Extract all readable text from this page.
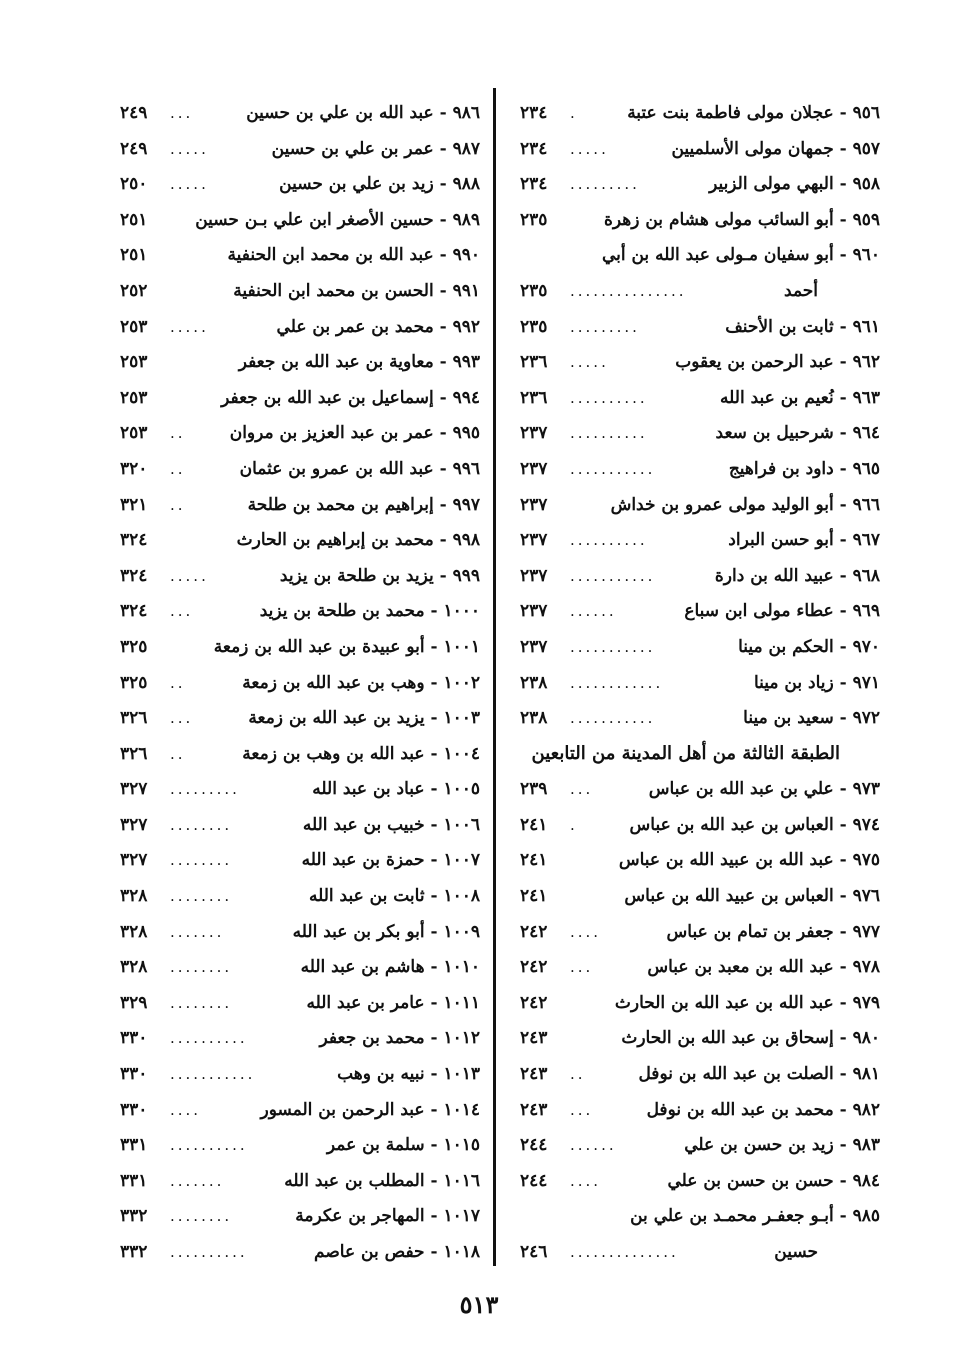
٩٥٦ - عجلان مولى فاطمة بنت عتبة
٢٣٤ .
٩٥٧ - جمهان مولى الأسلميين
٢٣٤ .....
٩٥٨ - البهي مولى الزبير
٢٣٤ .........
٩٥٩ - أبو السائب مولى هشام بن زهرة
٢٣٥
٩٦٠ - أبو سفيان مـولى عبد الله بن أبي
أحمد
٢٣٥ ...............
٩٦١ - ثابت بن الأحنف
٢٣٥ .........
٩٦٢ - عبد الرحمن بن يعقوب
٢٣٦ .....
٩٦٣ - نُعيم بن عبد الله
٢٣٦ ..........
٩٦٤ - شرحبيل بن سعد
٢٣٧ ..........
٩٦٥ - داود بن فراهيج
٢٣٧ ...........
٩٦٦ - أبو الوليد مولى عمرو بن خداش
٢٣٧
٩٦٧ - أبو حسن البراد
٢٣٧ ..........
٩٦٨ - عبيد الله بن دارة
٢٣٧ ...........
٩٦٩ - عطاء مولى ابن سباع
٢٣٧ ......
٩٧٠ - الحكم بن مينا
٢٣٧ ...........
٩٧١ - زياد بن مينا
٢٣٨ ............
٩٧٢ - سعيد بن مينا
٢٣٨ ...........
الطبقة الثالثة من أهل المدينة من التابعين
٩٧٣ - علي بن عبد الله بن عباس
٢٣٩ ...
٩٧٤ - العباس بن عبد الله بن عباس
٢٤١ .
٩٧٥ - عبد الله بن عبيد الله بن عباس
٢٤١
٩٧٦ - العباس بن عبيد الله بن عباس
٢٤١
٩٧٧ - جعفر بن تمام بن عباس
٢٤٢ ....
٩٧٨ - عبد الله بن معبد بن عباس
٢٤٢ ...
٩٧٩ - عبد الله بن عبد الله بن الحارث
٢٤٢
٩٨٠ - إسحاق بن عبد الله بن الحارث
٢٤٣
٩٨١ - الصلت بن عبد الله بن نوفل
٢٤٣ ..
٩٨٢ - محمد بن عبد الله بن نوفل
٢٤٣ ...
٩٨٣ - زيد بن حسن بن علي
٢٤٤ ......
٩٨٤ - حسن بن حسن بن علي
٢٤٤ ....
٩٨٥ - أبـو جعفـر محمـد بن علي بن
حسين
٢٤٦ ..............
٩٨٦ - عبد الله بن علي بن حسين
٢٤٩ ...
٩٨٧ - عمر بن علي بن حسين
٢٤٩ .....
٩٨٨ - زيد بن علي بن حسين
٢٥٠ .....
٩٨٩ - حسين الأصغر ابن علي بـن حسين
٢٥١
٩٩٠ - عبد الله بن محمد ابن الحنفية
٢٥١
٩٩١ - الحسن بن محمد ابن الحنفية
٢٥٢
٩٩٢ - محمد بن عمر بن علي
٢٥٣ .....
٩٩٣ - معاوية بن عبد الله بن جعفر
٢٥٣
٩٩٤ - إسماعيل بن عبد الله بن جعفر
٢٥٣
٩٩٥ - عمر بن عبد العزيز بن مروان
٢٥٣ ..
٩٩٦ - عبد الله بن عمرو بن عثمان
٣٢٠ ..
٩٩٧ - إبراهيم بن محمد بن طلحة
٣٢١ ..
٩٩٨ - محمد بن إبراهيم بن الحارث
٣٢٤
٩٩٩ - يزيد بن طلحة بن يزيد
٣٢٤ .....
١٠٠٠ - محمد بن طلحة بن يزيد
٣٢٤ ...
١٠٠١ - أبو عبيدة بن عبد الله بن زمعة
٣٢٥
١٠٠٢ - وهب بن عبد الله بن زمعة
٣٢٥ ..
١٠٠٣ - يزيد بن عبد الله بن زمعة
٣٢٦ ...
١٠٠٤ - عبد الله بن وهب بن زمعة
٣٢٦ ..
١٠٠٥ - عباد بن عبد الله
٣٢٧ .........
١٠٠٦ - خبيب بن عبد الله
٣٢٧ ........
١٠٠٧ - حمزة بن عبد الله
٣٢٧ ........
١٠٠٨ - ثابت بن عبد الله
٣٢٨ ........
١٠٠٩ - أبو بكر بن عبد الله
٣٢٨ .......
١٠١٠ - هاشم بن عبد الله
٣٢٨ ........
١٠١١ - عامر بن عبد الله
٣٢٩ ........
١٠١٢ - محمد بن جعفر
٣٣٠ ..........
١٠١٣ - نبيه بن وهب
٣٣٠ ...........
١٠١٤ - عبد الرحمن بن المسور
٣٣٠ ....
١٠١٥ - سلمة بن عمر
٣٣١ ..........
١٠١٦ - المطلب بن عبد الله
٣٣١ .......
١٠١٧ - المهاجر بن عكرمة
٣٣٢ ........
١٠١٨ - حفص بن عاصم
٣٣٢ ..........
٥١٣
